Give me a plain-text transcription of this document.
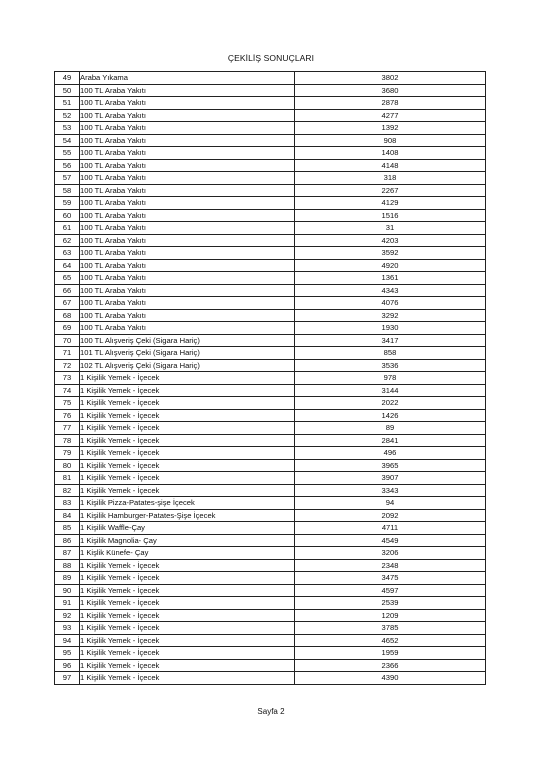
ÇEKİLİŞ SONUÇLARI
49	Araba Yıkama	3802
50	100 TL Araba Yakıtı	3680
51	100 TL Araba Yakıtı	2878
52	100 TL Araba Yakıtı	4277
53	100 TL Araba Yakıtı	1392
54	100 TL Araba Yakıtı	908
55	100 TL Araba Yakıtı	1408
56	100 TL Araba Yakıtı	4148
57	100 TL Araba Yakıtı	318
58	100 TL Araba Yakıtı	2267
59	100 TL Araba Yakıtı	4129
60	100 TL Araba Yakıtı	1516
61	100 TL Araba Yakıtı	31
62	100 TL Araba Yakıtı	4203
63	100 TL Araba Yakıtı	3592
64	100 TL Araba Yakıtı	4920
65	100 TL Araba Yakıtı	1361
66	100 TL Araba Yakıtı	4343
67	100 TL Araba Yakıtı	4076
68	100 TL Araba Yakıtı	3292
69	100 TL Araba Yakıtı	1930
70	100 TL Alışveriş Çeki (Sigara Hariç)	3417
71	101 TL Alışveriş Çeki (Sigara Hariç)	858
72	102 TL Alışveriş Çeki (Sigara Hariç)	3536
73	1 Kişilik Yemek - İçecek	978
74	1 Kişilik Yemek - İçecek	3144
75	1 Kişilik Yemek - İçecek	2022
76	1 Kişilik Yemek - İçecek	1426
77	1 Kişilik Yemek - İçecek	89
78	1 Kişilik Yemek - İçecek	2841
79	1 Kişilik Yemek - İçecek	496
80	1 Kişilik Yemek - İçecek	3965
81	1 Kişilik Yemek - İçecek	3907
82	1 Kişilik Yemek - İçecek	3343
83	1 Kişilik Pizza-Patates-şişe İçecek	94
84	1 Kişilik Hamburger-Patates-Şişe İçecek	2092
85	1 Kişilik Waffle-Çay	4711
86	1 Kişilik Magnolia- Çay	4549
87	1 Kişlik Künefe- Çay	3206
88	1 Kişilik Yemek - İçecek	2348
89	1 Kişilik Yemek - İçecek	3475
90	1 Kişilik Yemek - İçecek	4597
91	1 Kişilik Yemek - İçecek	2539
92	1 Kişilik Yemek - İçecek	1209
93	1 Kişilik Yemek - İçecek	3785
94	1 Kişilik Yemek - İçecek	4652
95	1 Kişilik Yemek - İçecek	1959
96	1 Kişilik Yemek - İçecek	2366
97	1 Kişilik Yemek - İçecek	4390
Sayfa 2
